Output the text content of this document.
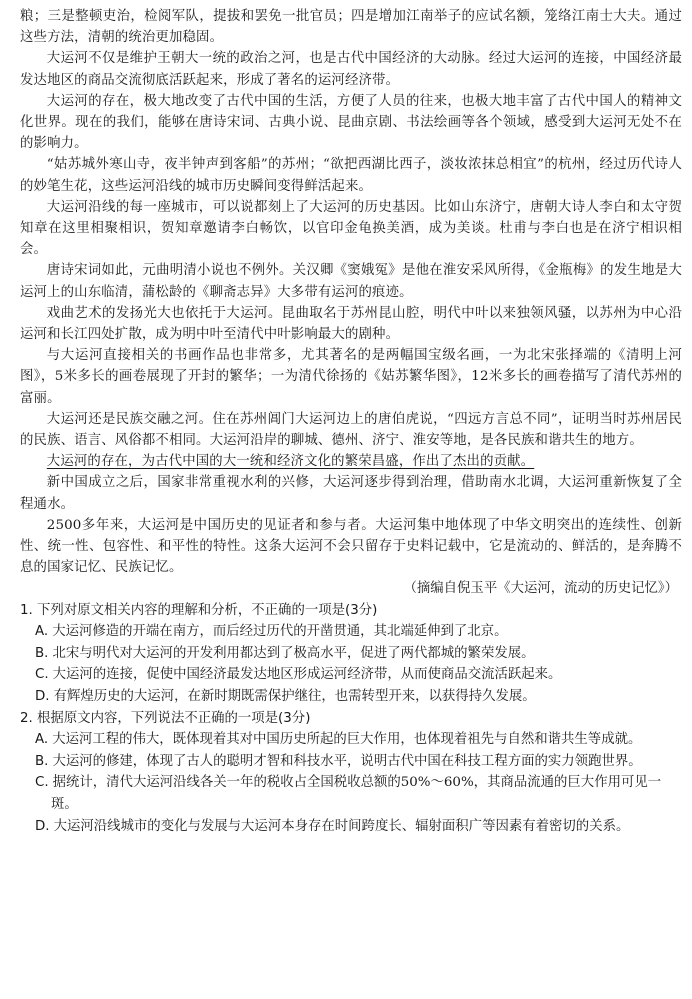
粮；三是整顿吏治，检阅军队，提拔和罢免一批官员；四是增加江南举子的应试名额，笼络江南士大夫。通过这些方法，清朝的统治更加稳固。

大运河不仅是维护王朝大一统的政治之河，也是古代中国经济的大动脉。经过大运河的连接，中国经济最发达地区的商品交流彻底活跃起来，形成了著名的运河经济带。

大运河的存在，极大地改变了古代中国的生活，方便了人员的往来，也极大地丰富了古代中国人的精神文化世界。现在的我们，能够在唐诗宋词、古典小说、昆曲京剧、书法绘画等各个领域，感受到大运河无处不在的影响力。

“姑苏城外寒山寺，夜半钟声到客船”的苏州；“欲把西湖比西子，淡妆浓抹总相宜”的杭州，经过历代诗人的妙笔生花，这些运河沿线的城市历史瞬间变得鲜活起来。

大运河沿线的每一座城市，可以说都刻上了大运河的历史基因。比如山东济宁，唐朝大诗人李白和太守贺知章在这里相聚相识，贺知章邀请李白畅饮，以官印金龟换美酒，成为美谈。杜甫与李白也是在济宁相识相会。

唐诗宋词如此，元曲明清小说也不例外。关汉卿《窦娥冤》是他在淮安采风所得，《金瓶梅》的发生地是大运河上的山东临清，蒲松龄的《聊斋志异》大多带有运河的痕迹。

戏曲艺术的发扬光大也依托于大运河。昆曲取名于苏州昆山腔，明代中叶以来独领风骚，以苏州为中心沿运河和长江四处扩散，成为明中叶至清代中叶影响最大的剧种。

与大运河直接相关的书画作品也非常多，尤其著名的是两幅国宝级名画，一为北宋张择端的《清明上河图》，5米多长的画卷展现了开封的繁华；一为清代徐扬的《姑苏繁华图》，12米多长的画卷描写了清代苏州的富丽。

大运河还是民族交融之河。住在苏州阊门大运河边上的唐伯虎说，“四远方言总不同”，证明当时苏州居民的民族、语言、风俗都不相同。大运河沿岸的聊城、德州、济宁、淮安等地，是各民族和谐共生的地方。

大运河的存在，为古代中国的大一统和经济文化的繁荣昌盛，作出了杰出的贡献。

新中国成立之后，国家非常重视水利的兴修，大运河逐步得到治理，借助南水北调，大运河重新恢复了全程通水。

2500多年来，大运河是中国历史的见证者和参与者。大运河集中地体现了中华文明突出的连续性、创新性、统一性、包容性、和平性的特性。这条大运河不会只留存于史料记载中，它是流动的、鲜活的，是奔腾不息的国家记忆、民族记忆。

（摘编自倪玉平《大运河，流动的历史记忆》）

1. 下列对原文相关内容的理解和分析，不正确的一项是(3分)

A. 大运河修造的开端在南方，而后经过历代的开凿贯通，其北端延伸到了北京。

B. 北宋与明代对大运河的开发利用都达到了极高水平，促进了两代都城的繁荣发展。

C. 大运河的连接，促使中国经济最发达地区形成运河经济带，从而使商品交流活跃起来。

D. 有辉煌历史的大运河，在新时期既需保护继往，也需转型开来，以获得持久发展。

2. 根据原文内容，下列说法不正确的一项是(3分)

A. 大运河工程的伟大，既体现着其对中国历史所起的巨大作用，也体现着祖先与自然和谐共生等成就。

B. 大运河的修建，体现了古人的聪明才智和科技水平，说明古代中国在科技工程方面的实力领跑世界。

C. 据统计，清代大运河沿线各关一年的税收占全国税收总额的50%～60%，其商品流通的巨大作用可见一斑。

D. 大运河沿线城市的变化与发展与大运河本身存在时间跨度长、辐射面积广等因素有着密切的关系。
